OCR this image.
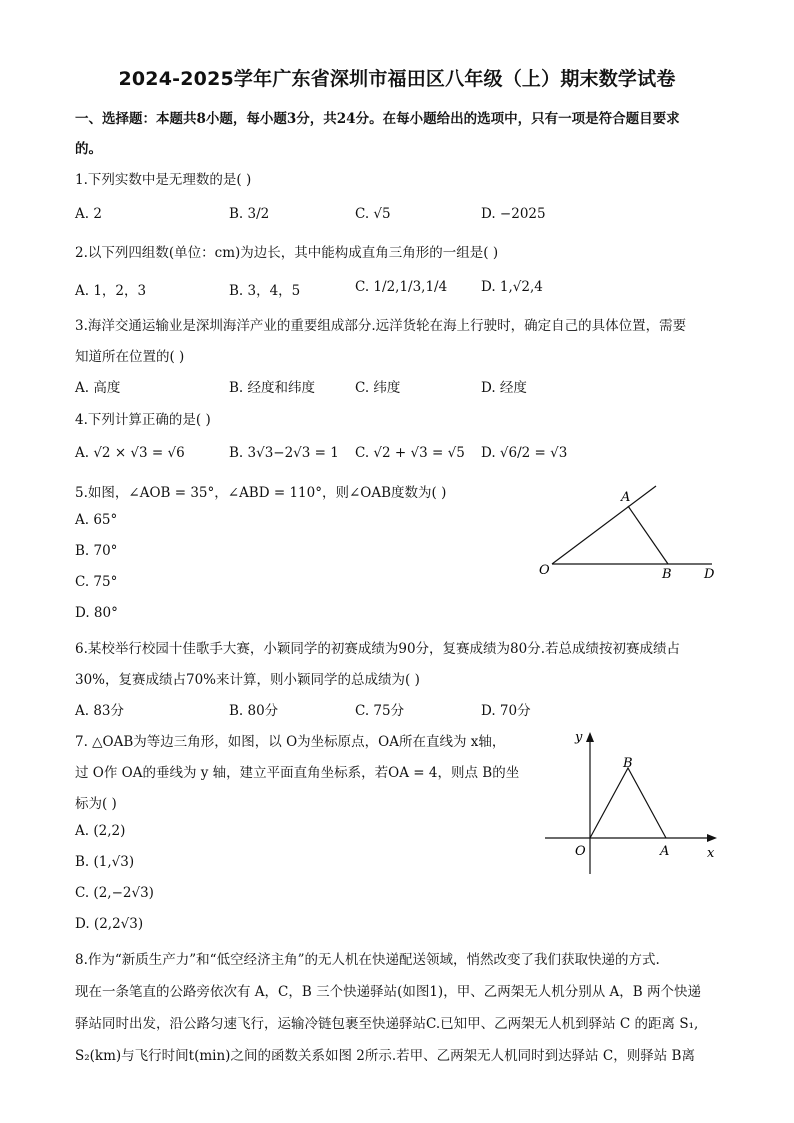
2024-2025学年广东省深圳市福田区八年级（上）期末数学试卷
一、选择题：本题共8小题，每小题3分，共24分。在每小题给出的选项中，只有一项是符合题目要求
的。
1.下列实数中是无理数的是( )
A. 2	B. 3/2	C. √5	D. −2025
2.以下列四组数(单位：cm)为边长，其中能构成直角三角形的一组是( )
A. 1，2，3	B. 3，4，5	C. 1/2,1/3,1/4	D. 1,√2,4
3.海洋交通运输业是深圳海洋产业的重要组成部分.远洋货轮在海上行驶时，确定自己的具体位置，需要
知道所在位置的( )
A. 高度	B. 经度和纬度	C. 纬度	D. 经度
4.下列计算正确的是( )
A. √2 × √3 = √6	B. 3√3−2√3 = 1 C. √2 + √3 = √5 D. √6/2 = √3
5.如图，∠AOB = 35°，∠ABD = 110°，则∠OAB度数为( )
A. 65°
B. 70°
C. 75°
D. 80°
A
O	B D
6.某校举行校园十佳歌手大赛，小颖同学的初赛成绩为90分，复赛成绩为80分.若总成绩按初赛成绩占
30%，复赛成绩占70%来计算，则小颖同学的总成绩为( )
A. 83分	B. 80分	C. 75分	D. 70分
7. △OAB为等边三角形，如图，以 O为坐标原点，OA所在直线为 x轴，
过 O作 OA的垂线为 y 轴，建立平面直角坐标系，若OA = 4，则点 B的坐
标为( )
A. (2,2)
B. (1,√3)
C. (2,−2√3)
D. (2,2√3)
y
x
O	A
B
8.作为“新质生产力”和“低空经济主角”的无人机在快递配送领域，悄然改变了我们获取快递的方式.
现在一条笔直的公路旁依次有 A，C，B 三个快递驿站(如图1)，甲、乙两架无人机分别从 A，B 两个快递
驿站同时出发，沿公路匀速飞行，运输冷链包裹至快递驿站C.已知甲、乙两架无人机到驿站 C 的距离 S₁,
S₂(km)与飞行时间t(min)之间的函数关系如图 2所示.若甲、乙两架无人机同时到达驿站 C，则驿站 B离
